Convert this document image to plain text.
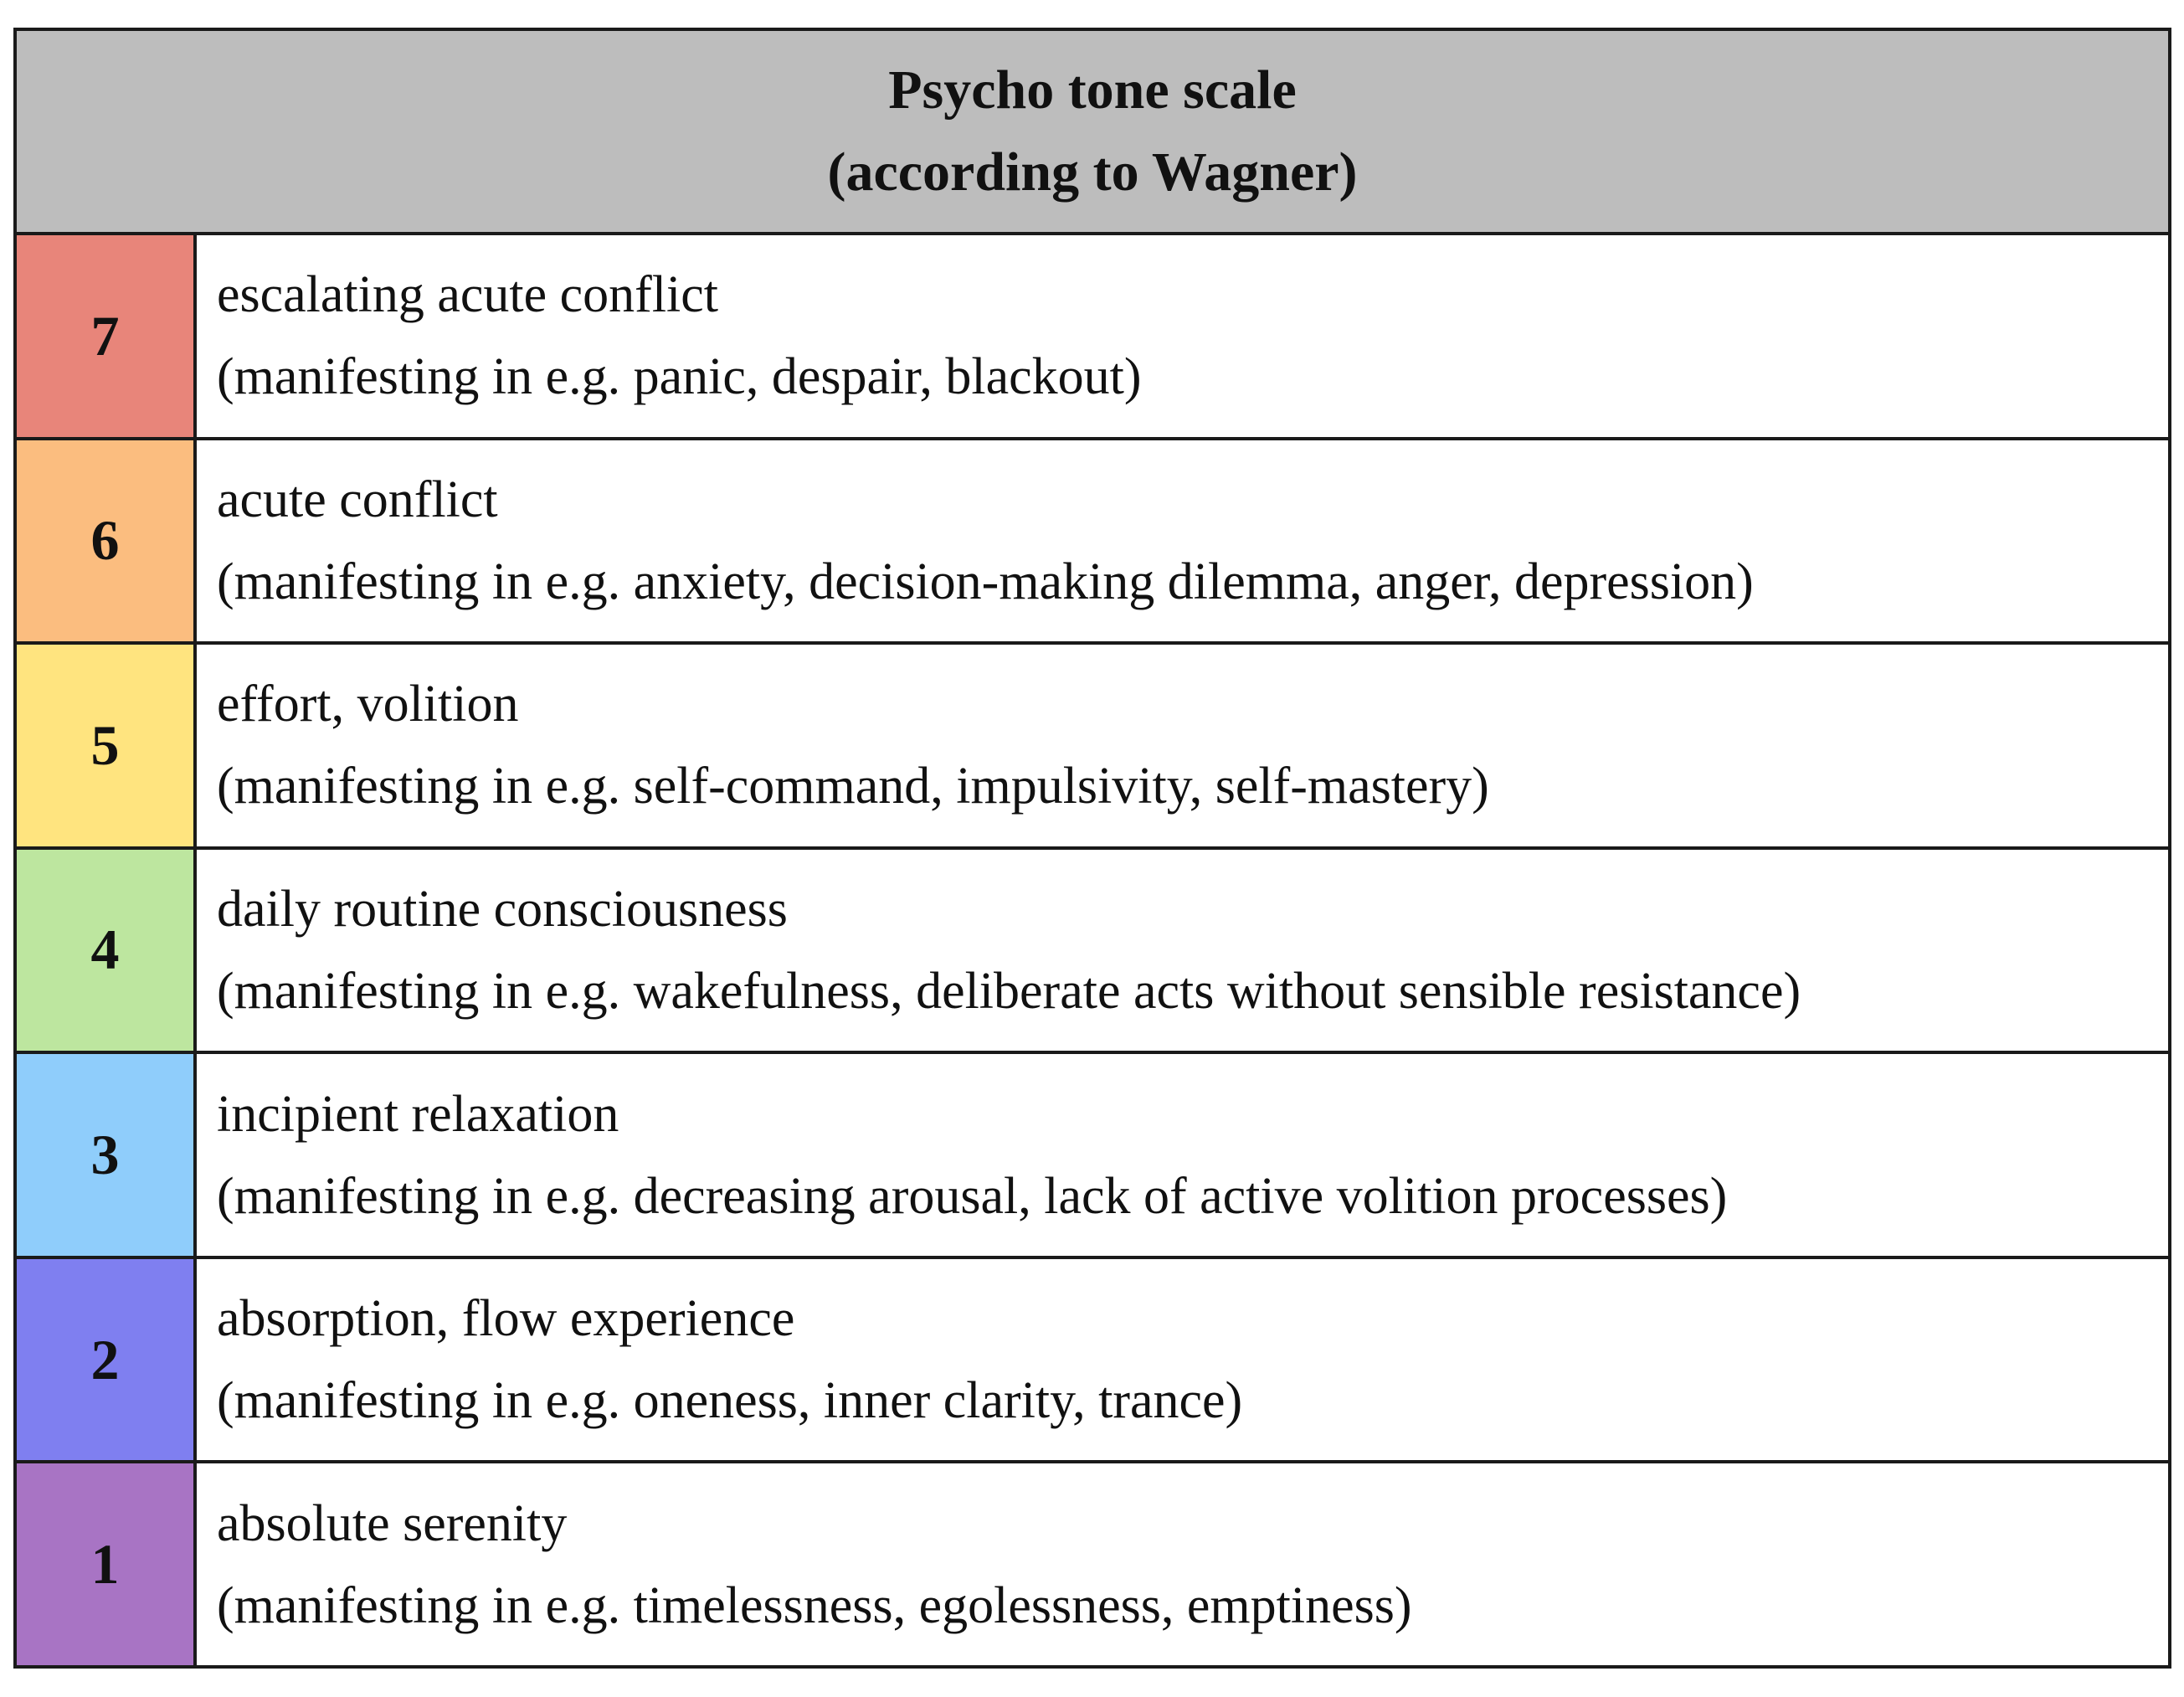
Psycho tone scale
(according to Wagner)	

7	escalating acute conflict
(manifesting in e.g. panic, despair, blackout)

6	acute conflict
(manifesting in e.g. anxiety, decision-making dilemma, anger, depression)

5	effort, volition
(manifesting in e.g. self-command, impulsivity, self-mastery)

4	daily routine consciousness
(manifesting in e.g. wakefulness, deliberate acts without sensible resistance)

3	incipient relaxation
(manifesting in e.g. decreasing arousal, lack of active volition processes)

2	absorption, flow experience
(manifesting in e.g. oneness, inner clarity, trance)

1	absolute serenity
(manifesting in e.g. timelessness, egolessness, emptiness)
